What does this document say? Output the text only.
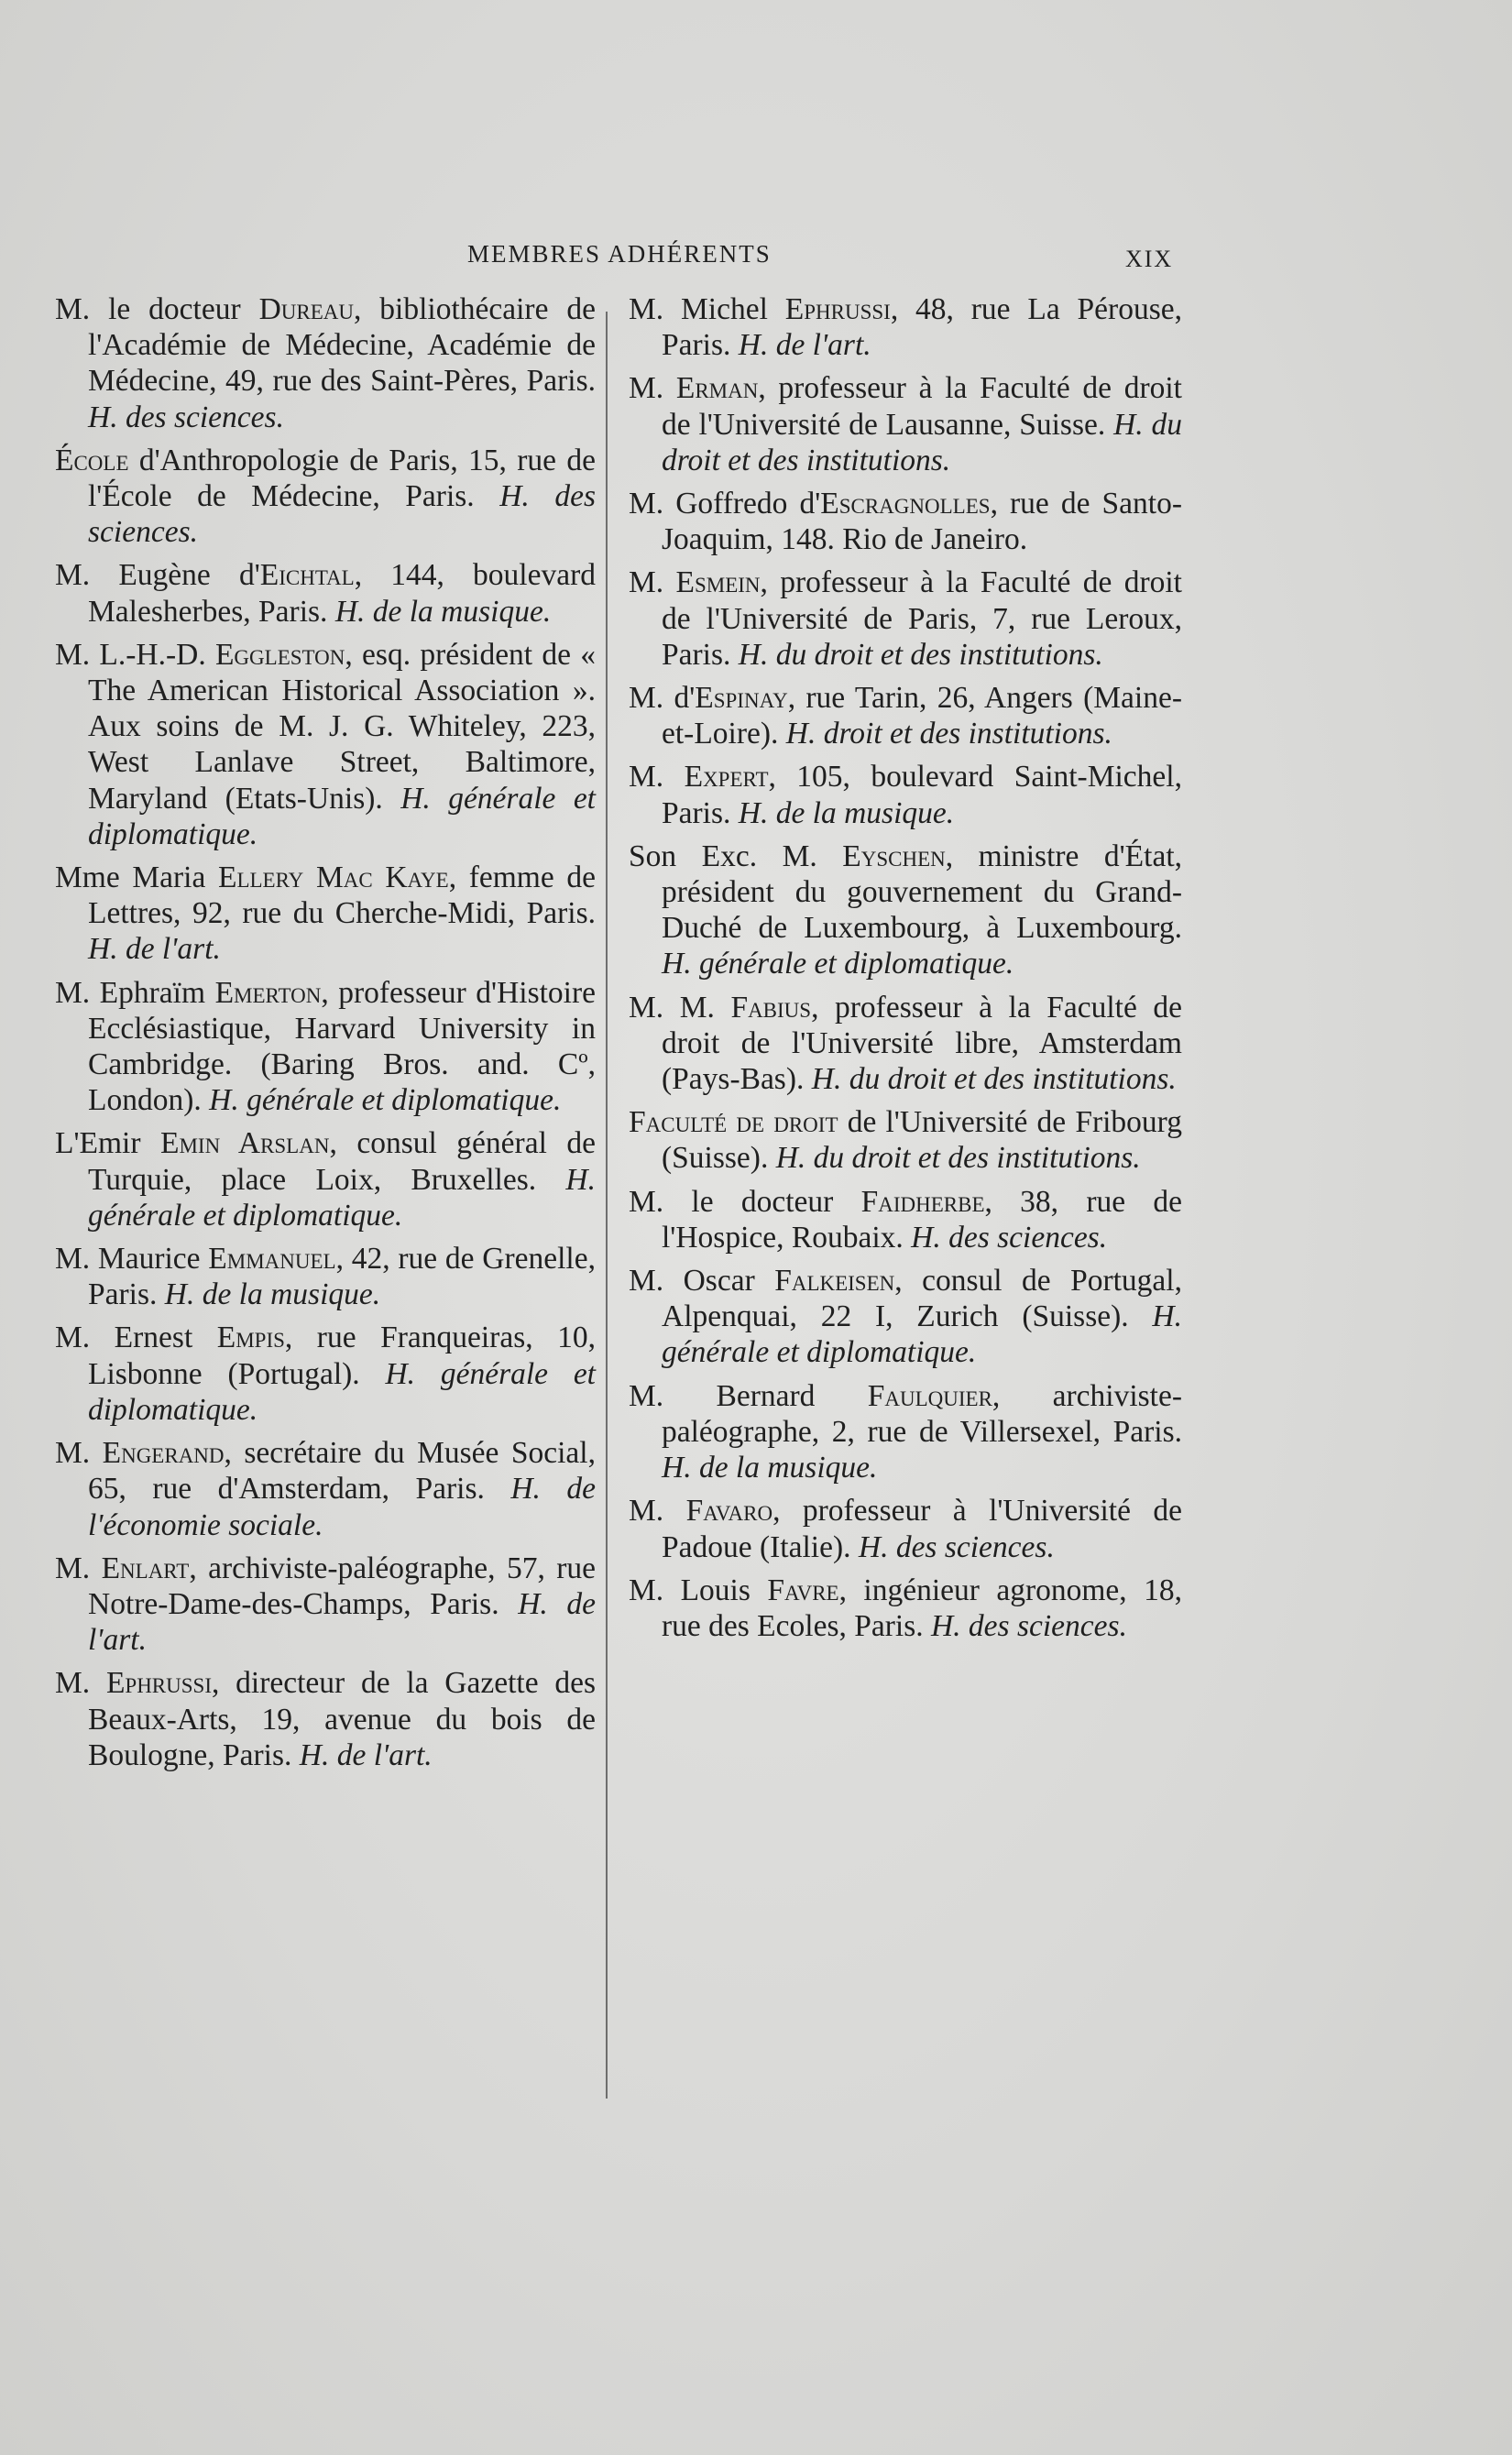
MEMBRES ADHÉRENTS	XIX

M. le docteur Dureau, bibliothécaire de l'Académie de Médecine, Académie de Médecine, 49, rue des Saint-Pères, Paris. H. des sciences.

École d'Anthropologie de Paris, 15, rue de l'École de Médecine, Paris. H. des sciences.

M. Eugène d'Eichtal, 144, boulevard Malesherbes, Paris. H. de la musique.

M. L.-H.-D. Eggleston, esq. président de « The American Historical Association ». Aux soins de M. J. G. Whiteley, 223, West Lanlave Street, Baltimore, Maryland (Etats-Unis). H. générale et diplomatique.

Mme Maria Ellery Mac Kaye, femme de Lettres, 92, rue du Cherche-Midi, Paris. H. de l'art.

M. Ephraïm Emerton, professeur d'Histoire Ecclésiastique, Harvard University in Cambridge. (Baring Bros. and. Cº, London). H. générale et diplomatique.

L'Emir Emin Arslan, consul général de Turquie, place Loix, Bruxelles. H. générale et diplomatique.

M. Maurice Emmanuel, 42, rue de Grenelle, Paris. H. de la musique.

M. Ernest Empis, rue Franqueiras, 10, Lisbonne (Portugal). H. générale et diplomatique.

M. Engerand, secrétaire du Musée Social, 65, rue d'Amsterdam, Paris. H. de l'économie sociale.

M. Enlart, archiviste-paléographe, 57, rue Notre-Dame-des-Champs, Paris. H. de l'art.

M. Ephrussi, directeur de la Gazette des Beaux-Arts, 19, avenue du bois de Boulogne, Paris. H. de l'art.

M. Michel Ephrussi, 48, rue La Pérouse, Paris. H. de l'art.

M. Erman, professeur à la Faculté de droit de l'Université de Lausanne, Suisse. H. du droit et des institutions.

M. Goffredo d'Escragnolles, rue de Santo-Joaquim, 148. Rio de Janeiro.

M. Esmein, professeur à la Faculté de droit de l'Université de Paris, 7, rue Leroux, Paris. H. du droit et des institutions.

M. d'Espinay, rue Tarin, 26, Angers (Maine-et-Loire). H. droit et des institutions.

M. Expert, 105, boulevard Saint-Michel, Paris. H. de la musique.

Son Exc. M. Eyschen, ministre d'État, président du gouvernement du Grand-Duché de Luxembourg, à Luxembourg. H. générale et diplomatique.

M. M. Fabius, professeur à la Faculté de droit de l'Université libre, Amsterdam (Pays-Bas). H. du droit et des institutions.

Faculté de droit de l'Université de Fribourg (Suisse). H. du droit et des institutions.

M. le docteur Faidherbe, 38, rue de l'Hospice, Roubaix. H. des sciences.

M. Oscar Falkeisen, consul de Portugal, Alpenquai, 22 I, Zurich (Suisse). H. générale et diplomatique.

M. Bernard Faulquier, archiviste-paléographe, 2, rue de Villersexel, Paris. H. de la musique.

M. Favaro, professeur à l'Université de Padoue (Italie). H. des sciences.

M. Louis Favre, ingénieur agronome, 18, rue des Ecoles, Paris. H. des sciences.
